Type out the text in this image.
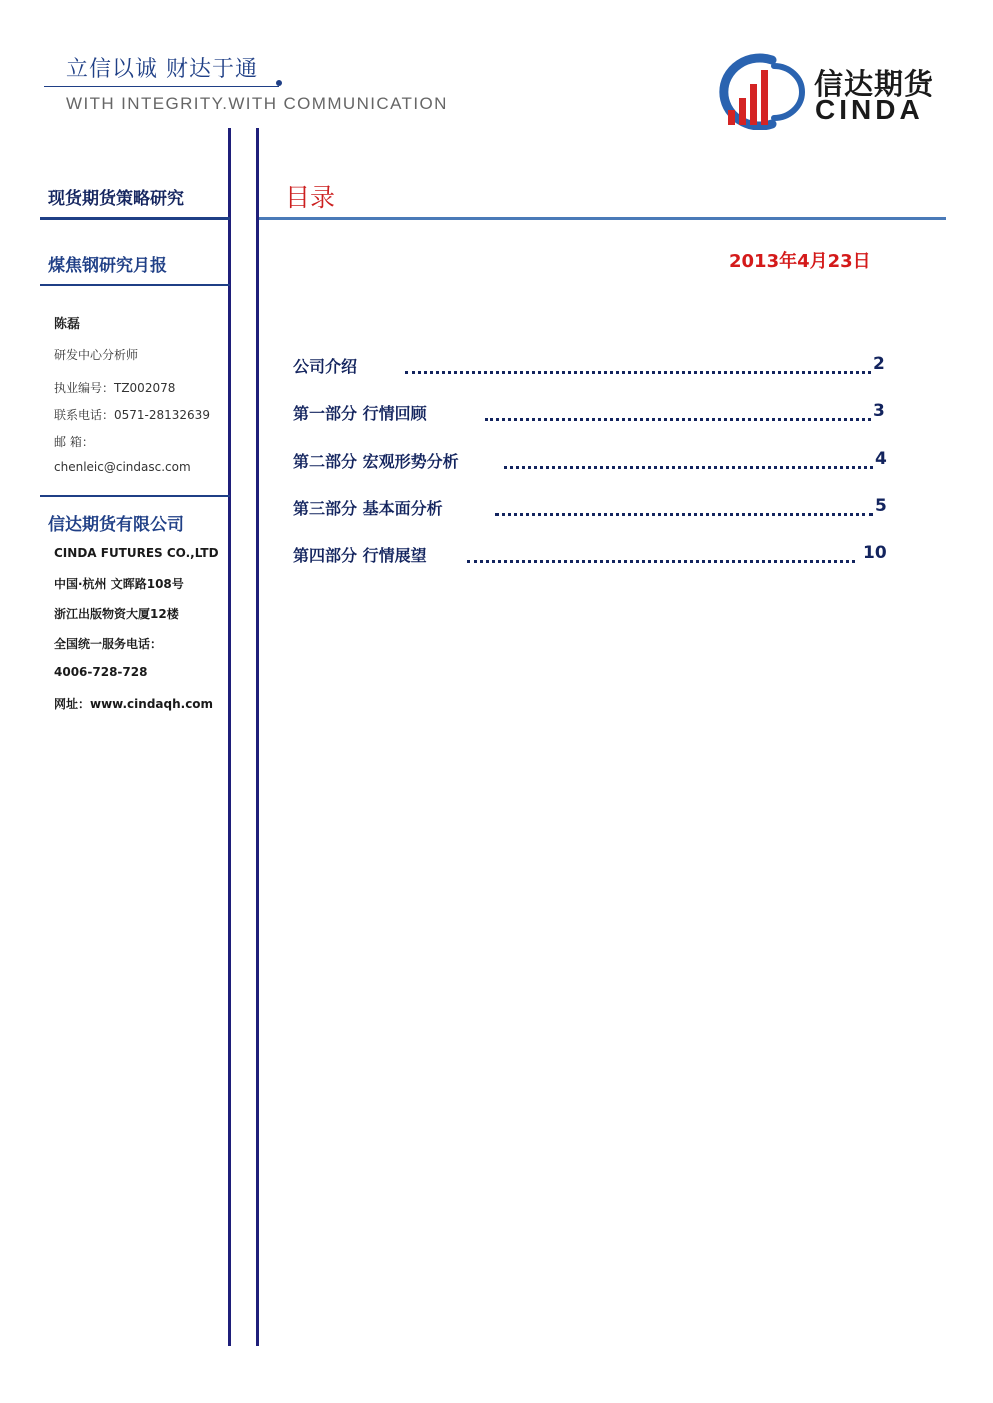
立信以诚 财达于通
WITH INTEGRITY.WITH COMMUNICATION
信达期货
CINDA
现货期货策略研究
煤焦钢研究月报
陈磊
研发中心分析师
执业编号：TZ002078
联系电话：0571-28132639
邮 箱：
chenleic@cindasc.com
信达期货有限公司
CINDA FUTURES CO.,LTD
中国·杭州 文晖路108号
浙江出版物资大厦12楼
全国统一服务电话：
4006-728-728
网址：www.cindaqh.com
目录
2013年4月23日
公司介绍	2
第一部分 行情回顾	3
第二部分 宏观形势分析	4
第三部分 基本面分析	5
第四部分 行情展望	10
